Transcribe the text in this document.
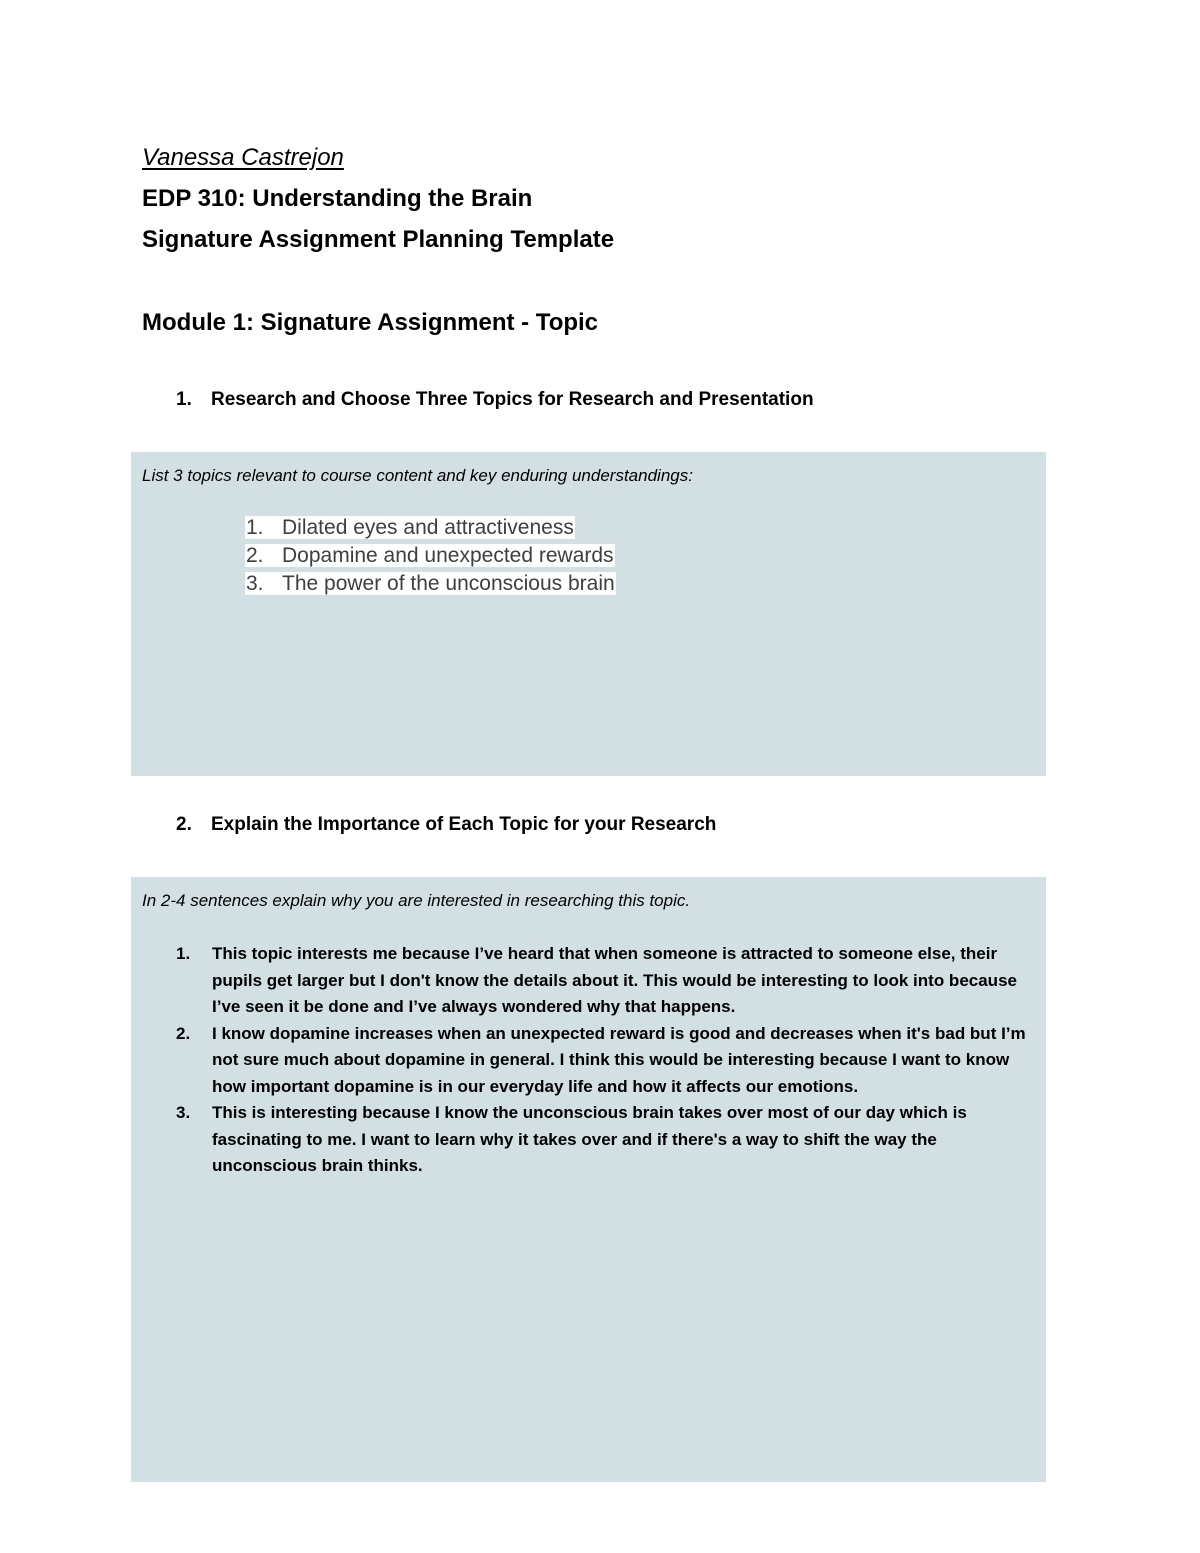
Vanessa Castrejon
EDP 310: Understanding the Brain
Signature Assignment Planning Template
Module 1: Signature Assignment - Topic
1. Research and Choose Three Topics for Research and Presentation
List 3 topics relevant to course content and key enduring understandings:
1. Dilated eyes and attractiveness
2. Dopamine and unexpected rewards
3. The power of the unconscious brain
2. Explain the Importance of Each Topic for your Research
In 2-4 sentences explain why you are interested in researching this topic.
1. This topic interests me because I’ve heard that when someone is attracted to someone else, their pupils get larger but I don't know the details about it. This would be interesting to look into because I’ve seen it be done and I’ve always wondered why that happens.
2. I know dopamine increases when an unexpected reward is good and decreases when it's bad but I’m not sure much about dopamine in general. I think this would be interesting because I want to know how important dopamine is in our everyday life and how it affects our emotions.
3. This is interesting because I know the unconscious brain takes over most of our day which is fascinating to me. I want to learn why it takes over and if there's a way to shift the way the unconscious brain thinks.
